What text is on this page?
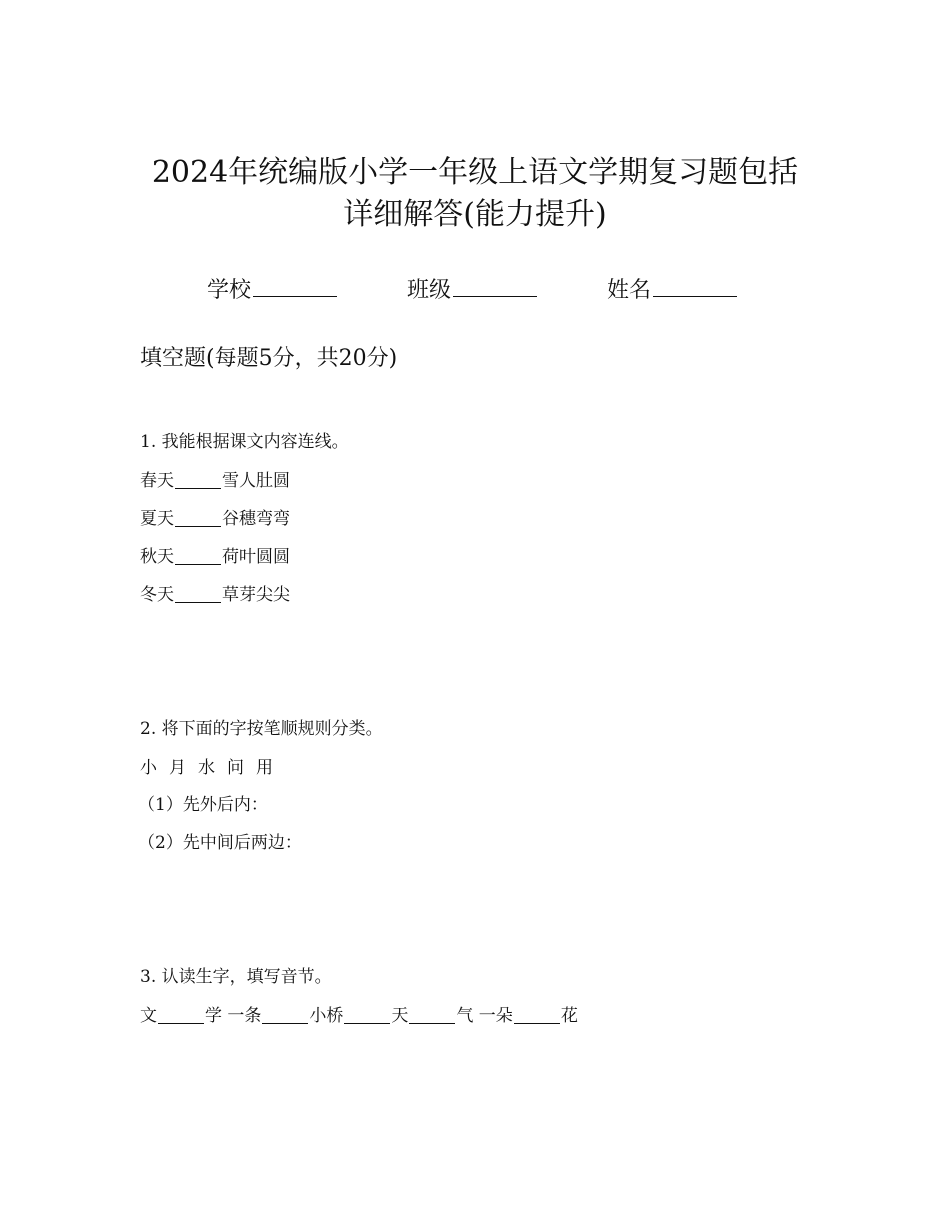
2024年统编版小学一年级上语文学期复习题包括
详细解答(能力提升)
学校	班级	姓名
填空题(每题5分，共20分)
1. 我能根据课文内容连线。
春天	雪人肚圆
夏天	谷穗弯弯
秋天	荷叶圆圆
冬天	草芽尖尖
2. 将下面的字按笔顺规则分类。
小 月 水 问 用
（1）先外后内：
（2）先中间后两边：
3. 认读生字，填写音节。
文	学 一条	小桥	天	气 一朵	花
